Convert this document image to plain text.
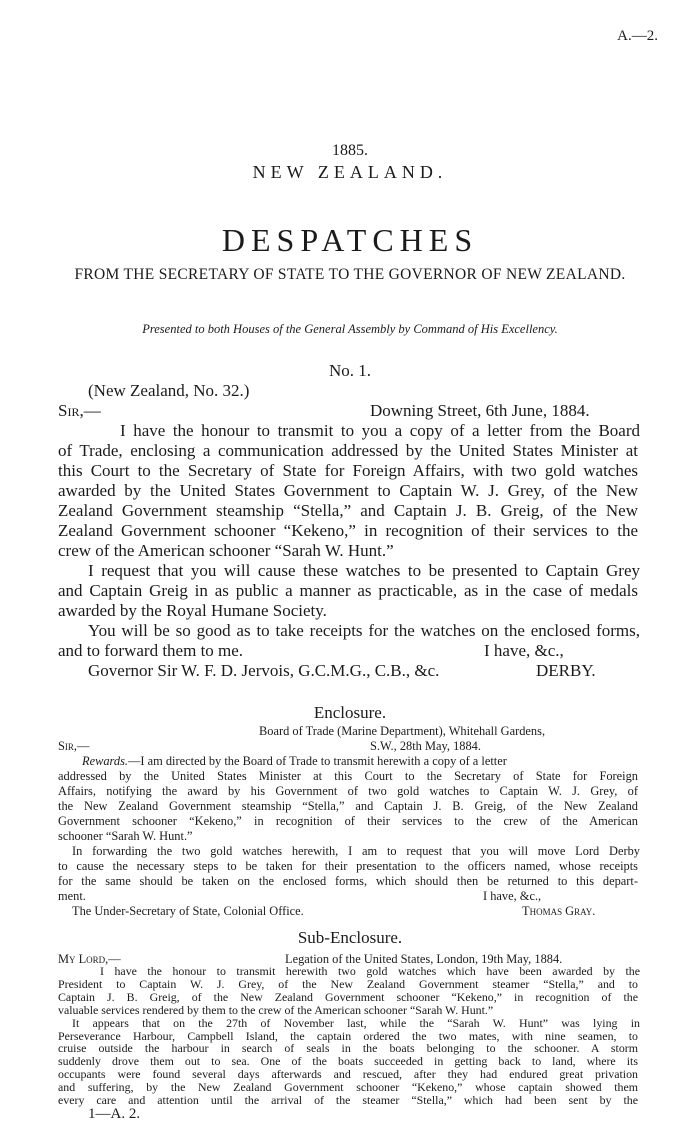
A.—2.
1885.
NEW ZEALAND.
DESPATCHES
FROM THE SECRETARY OF STATE TO THE GOVERNOR OF NEW ZEALAND.
Presented to both Houses of the General Assembly by Command of His Excellency.
No. 1.
(New Zealand, No. 32.)
Sir,—	Downing Street, 6th June, 1884.
I have the honour to transmit to you a copy of a letter from the Board
of Trade, enclosing a communication addressed by the United States Minister at
this Court to the Secretary of State for Foreign Affairs, with two gold watches
awarded by the United States Government to Captain W. J. Grey, of the New
Zealand Government steamship “Stella,” and Captain J. B. Greig, of the New
Zealand Government schooner “Kekeno,” in recognition of their services to the
crew of the American schooner “Sarah W. Hunt.”
I request that you will cause these watches to be presented to Captain Grey
and Captain Greig in as public a manner as practicable, as in the case of medals
awarded by the Royal Humane Society.
You will be so good as to take receipts for the watches on the enclosed forms,
and to forward them to me.	I have, &c.,
Governor Sir W. F. D. Jervois, G.C.M.G., C.B., &c.	DERBY.
Enclosure.
Board of Trade (Marine Department), Whitehall Gardens,
Sir,—	S.W., 28th May, 1884.
Rewards.—I am directed by the Board of Trade to transmit herewith a copy of a letter
addressed by the United States Minister at this Court to the Secretary of State for Foreign
Affairs, notifying the award by his Government of two gold watches to Captain W. J. Grey, of
the New Zealand Government steamship “Stella,” and Captain J. B. Greig, of the New Zealand
Government schooner “Kekeno,” in recognition of their services to the crew of the American
schooner “Sarah W. Hunt.”
In forwarding the two gold watches herewith, I am to request that you will move Lord Derby
to cause the necessary steps to be taken for their presentation to the officers named, whose receipts
for the same should be taken on the enclosed forms, which should then be returned to this depart-
ment.	I have, &c.,
The Under-Secretary of State, Colonial Office.	Thomas Gray.
Sub-Enclosure.
My Lord,—	Legation of the United States, London, 19th May, 1884.
I have the honour to transmit herewith two gold watches which have been awarded by the
President to Captain W. J. Grey, of the New Zealand Government steamer “Stella,” and to
Captain J. B. Greig, of the New Zealand Government schooner “Kekeno,” in recognition of the
valuable services rendered by them to the crew of the American schooner “Sarah W. Hunt.”
It appears that on the 27th of November last, while the “Sarah W. Hunt” was lying in
Perseverance Harbour, Campbell Island, the captain ordered the two mates, with nine seamen, to
cruise outside the harbour in search of seals in the boats belonging to the schooner. A storm
suddenly drove them out to sea. One of the boats succeeded in getting back to land, where its
occupants were found several days afterwards and rescued, after they had endured great privation
and suffering, by the New Zealand Government schooner “Kekeno,” whose captain showed them
every care and attention until the arrival of the steamer “Stella,” which had been sent by the
1—A. 2.
